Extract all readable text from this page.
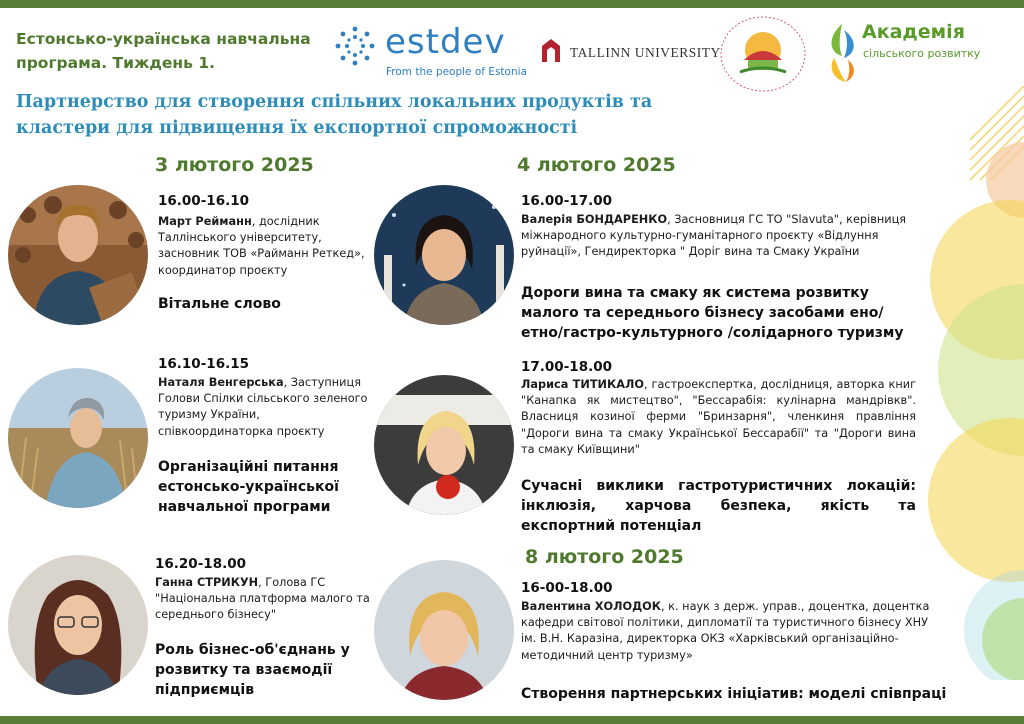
Естонсько-українська навчальна програма. Тиждень 1.
Партнерство для створення спільних локальних продуктів та кластери для підвищення їх експортної спроможності
estdev
From the people of Estonia
TALLINN UNIVERSITY
Академія
сільського розвитку
3 лютого 2025
16.00-16.10
Март Рейманн, дослідник Таллінського університету, засновник ТОВ «Райманн Реткед», координатор проєкту
Вітальне слово
16.10-16.15
Наталя Венгерська, Заступниця Голови Спілки сільського зеленого туризму України, співкоординаторка проєкту
Організаційні питання естонсько-української навчальної програми
16.20-18.00
Ганна СТРИКУН, Голова ГС "Національна платформа малого та середнього бізнесу"
Роль бізнес-об'єднань у розвитку та взаємодії підприємців
4 лютого 2025
16.00-17.00
Валерія БОНДАРЕНКО, Засновниця ГС ТО "Slavuta", керівниця міжнародного культурно-гуманітарного проєкту «Відлуння руйнації», Гендиректорка " Доріг вина та Смаку України
Дороги вина та смаку як система розвитку малого та середнього бізнесу засобами ено/етно/гастро-культурного /солідарного туризму
17.00-18.00
Лариса ТИТИКАЛО, гастроекспертка, дослідниця, авторка книг "Канапка як мистецтво", "Бессарабія: кулінарна мандрівкв". Власниця козиної ферми "Бринзарня", членкиня правління "Дороги вина та смаку Української Бессарабії" та "Дороги вина та смаку Київщини"
Сучасні виклики гастротуристичних локацій: інклюзія, харчова безпека, якість та експортний потенціал
8 лютого 2025
16-00-18.00
Валентина ХОЛОДОК, к. наук з держ. управ., доцентка, доцентка кафедри світової політики, дипломатії та туристичного бізнесу ХНУ ім. В.Н. Каразіна, директорка ОКЗ «Харківський організаційно-методичний центр туризму»
Створення партнерських ініціатив: моделі співпраці
